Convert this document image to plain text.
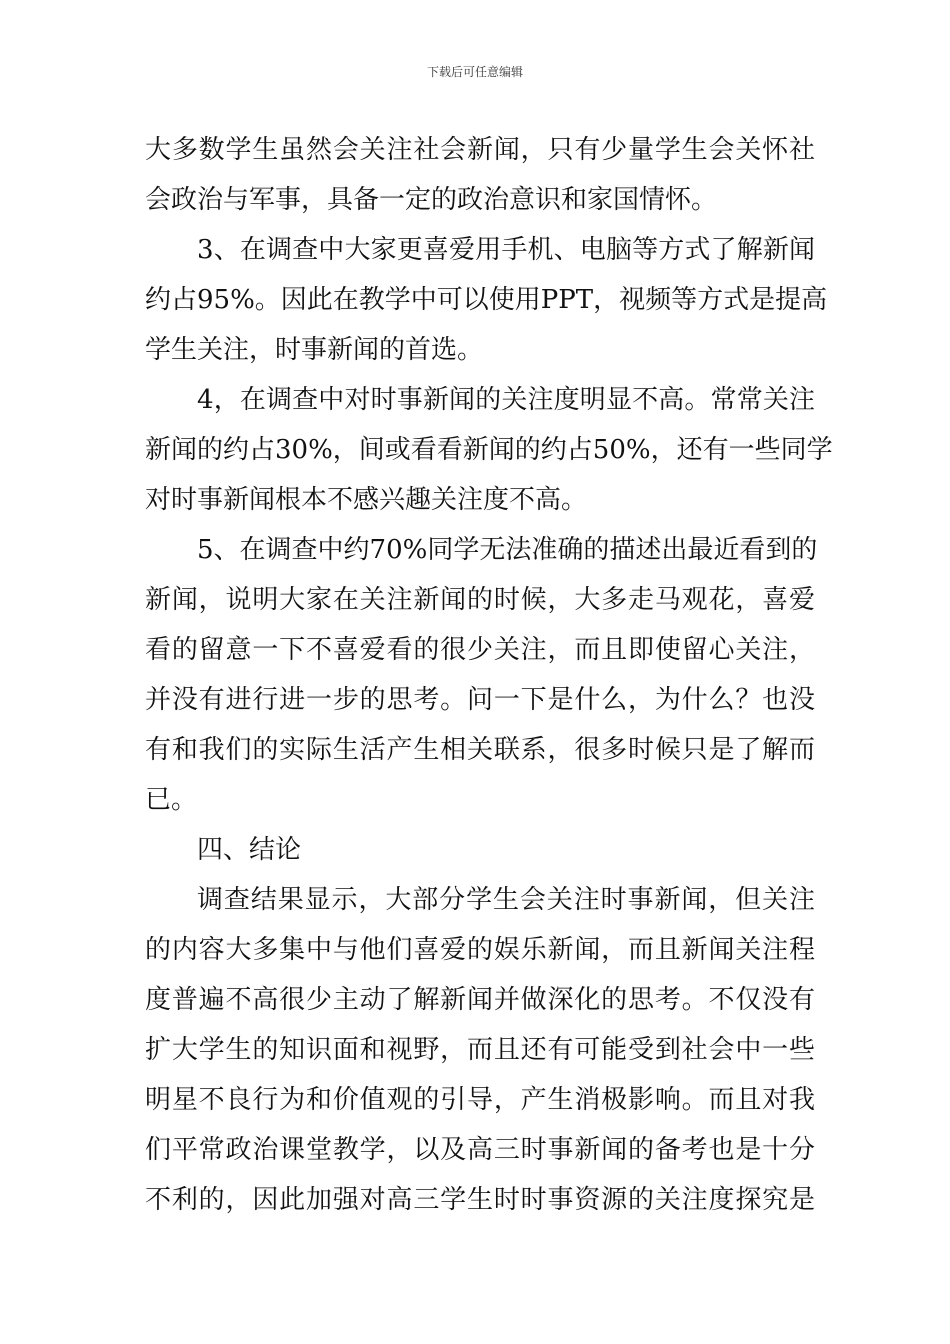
下载后可任意编辑
大多数学生虽然会关注社会新闻，只有少量学生会关怀社
会政治与军事，具备一定的政治意识和家国情怀。
3、在调查中大家更喜爱用手机、电脑等方式了解新闻
约占95%。因此在教学中可以使用PPT，视频等方式是提高
学生关注，时事新闻的首选。
4，在调查中对时事新闻的关注度明显不高。常常关注
新闻的约占30%，间或看看新闻的约占50%，还有一些同学
对时事新闻根本不感兴趣关注度不高。
5、在调查中约70%同学无法准确的描述出最近看到的
新闻，说明大家在关注新闻的时候，大多走马观花，喜爱
看的留意一下不喜爱看的很少关注，而且即使留心关注，
并没有进行进一步的思考。问一下是什么，为什么？也没
有和我们的实际生活产生相关联系，很多时候只是了解而
已。
四、结论
调查结果显示，大部分学生会关注时事新闻，但关注
的内容大多集中与他们喜爱的娱乐新闻，而且新闻关注程
度普遍不高很少主动了解新闻并做深化的思考。不仅没有
扩大学生的知识面和视野，而且还有可能受到社会中一些
明星不良行为和价值观的引导，产生消极影响。而且对我
们平常政治课堂教学，以及高三时事新闻的备考也是十分
不利的，因此加强对高三学生时时事资源的关注度探究是
